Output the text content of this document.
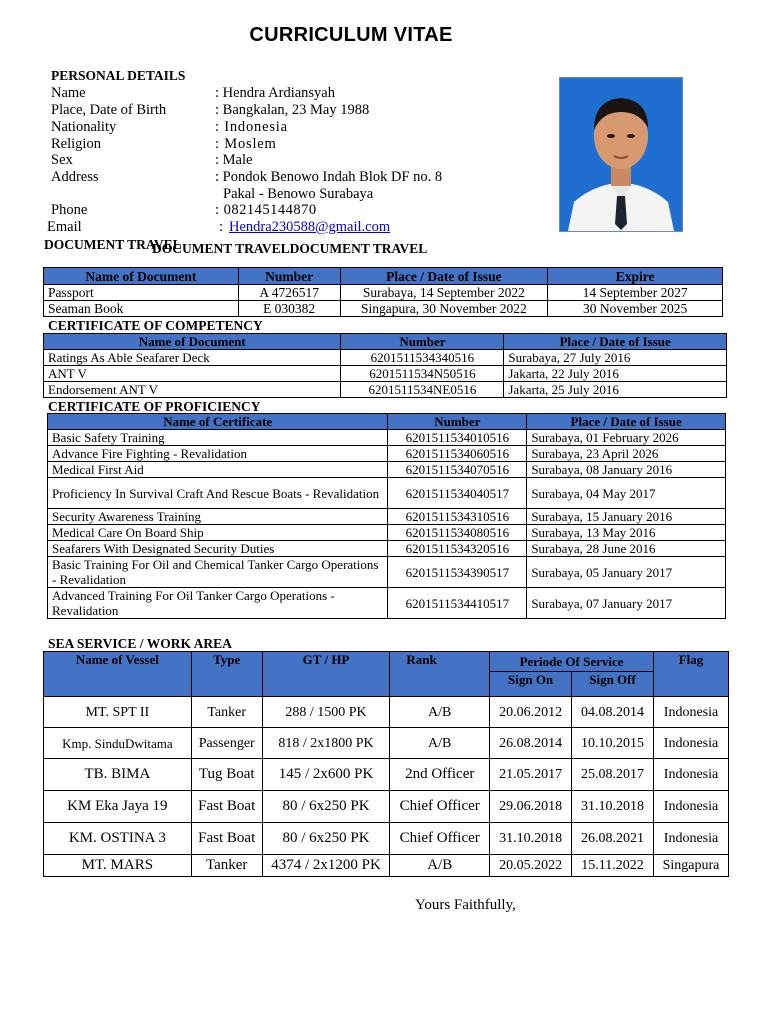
CURRICULUM VITAE
PERSONAL DETAILS
Name	: Hendra Ardiansyah
Place, Date of Birth	: Bangkalan, 23 May 1988
Nationality	: Indonesia
Religion	: Moslem
Sex	: Male
Address	: Pondok Benowo Indah Blok DF no. 8
Pakal - Benowo Surabaya
Phone	: 082145144870
Email	: Hendra230588@gmail.com
DOCUMENT TRAVEL
DOCUMENT TRAVELDOCUMENT TRAVEL
Name of Document	Number	Place / Date of Issue	Expire
Passport	A 4726517	Surabaya, 14 September 2022	14 September 2027
Seaman Book	E 030382	Singapura, 30 November 2022	30 November 2025
CERTIFICATE OF COMPETENCY
Name of Document	Number	Place / Date of Issue
Ratings As Able Seafarer Deck	6201511534340516	Surabaya, 27 July 2016
ANT V	6201511534N50516	Jakarta, 22 July 2016
Endorsement ANT V	6201511534NE0516	Jakarta, 25 July 2016
CERTIFICATE OF PROFICIENCY
Name of Certificate	Number	Place / Date of Issue
Basic Safety Training	6201511534010516	Surabaya, 01 February 2026
Advance Fire Fighting - Revalidation	6201511534060516	Surabaya, 23 April 2026
Medical First Aid	6201511534070516	Surabaya, 08 January 2016
Proficiency In Survival Craft And Rescue Boats - Revalidation	6201511534040517	Surabaya, 04 May 2017
Security Awareness Training	6201511534310516	Surabaya, 15 January 2016
Medical Care On Board Ship	6201511534080516	Surabaya, 13 May 2016
Seafarers With Designated Security Duties	6201511534320516	Surabaya, 28 June 2016
Basic Training For Oil and Chemical Tanker Cargo Operations - Revalidation	6201511534390517	Surabaya, 05 January 2017
Advanced Training For Oil Tanker Cargo Operations - Revalidation	6201511534410517	Surabaya, 07 January 2017
SEA SERVICE / WORK AREA
Name of Vessel	Type	GT / HP	Rank	Periode Of Service		Flag
				Sign On	Sign Off	
MT. SPT II	Tanker	288 / 1500 PK	A/B	20.06.2012	04.08.2014	Indonesia
Kmp. SinduDwitama	Passenger	818 / 2x1800 PK	A/B	26.08.2014	10.10.2015	Indonesia
TB. BIMA	Tug Boat	145 / 2x600 PK	2nd Officer	21.05.2017	25.08.2017	Indonesia
KM Eka Jaya 19	Fast Boat	80 / 6x250 PK	Chief Officer	29.06.2018	31.10.2018	Indonesia
KM. OSTINA 3	Fast Boat	80 / 6x250 PK	Chief Officer	31.10.2018	26.08.2021	Indonesia
MT. MARS	Tanker	4374 / 2x1200 PK	A/B	20.05.2022	15.11.2022	Singapura
Yours Faithfully,
